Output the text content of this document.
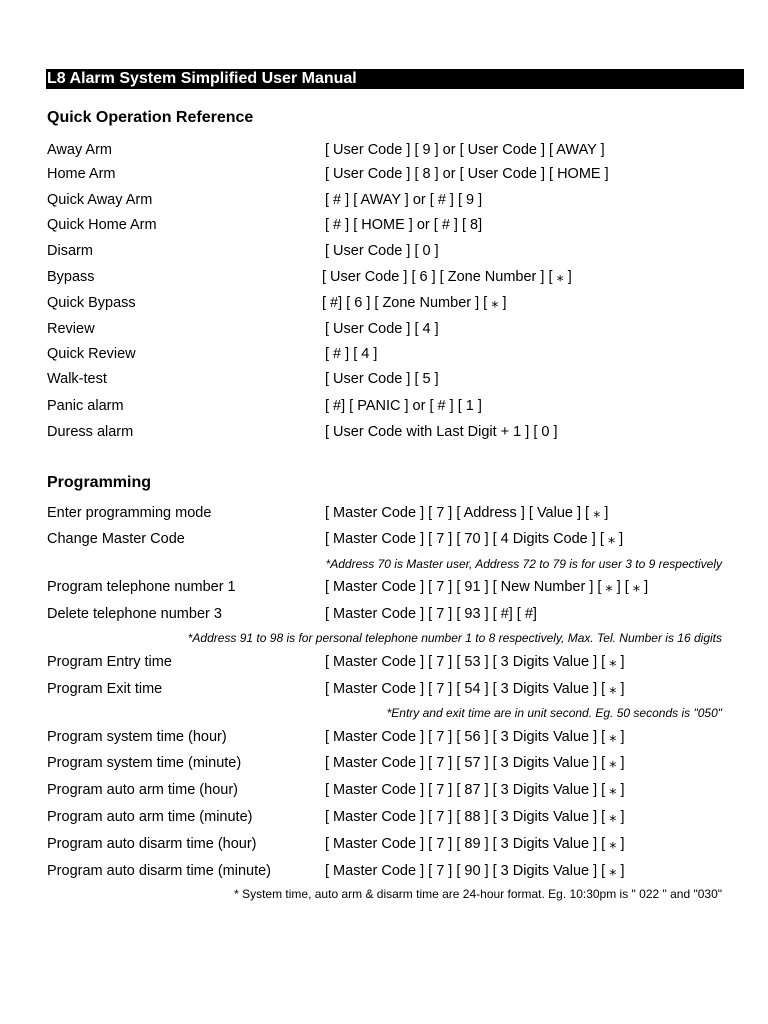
L8 Alarm System Simplified User Manual
Quick Operation Reference
Away Arm	[ User Code ] [ 9 ] or [ User Code ] [ AWAY ]
Home Arm	[ User Code ] [ 8 ] or [ User Code ] [ HOME ]
Quick Away Arm	[ # ] [ AWAY ] or [ # ] [ 9 ]
Quick Home Arm	[ # ] [ HOME ] or [ # ] [ 8]
Disarm	[ User Code ] [ 0 ]
Bypass	[ User Code ] [ 6 ] [ Zone Number ] [ ⁎ ]
Quick Bypass	[ #] [ 6 ] [ Zone Number ] [ ⁎ ]
Review	[ User Code ] [ 4 ]
Quick Review	[ # ] [ 4 ]
Walk-test	[ User Code ] [ 5 ]
Panic alarm	[ #] [ PANIC ] or [ # ] [ 1 ]
Duress alarm	[ User Code with Last Digit + 1 ] [ 0 ]
Programming
Enter programming mode	[ Master Code ] [ 7 ] [ Address ] [ Value ] [ ⁎ ]
Change Master Code	[ Master Code ] [ 7 ] [ 70 ] [ 4 Digits Code ] [ ⁎ ]
*Address 70 is Master user, Address 72 to 79 is for user 3 to 9 respectively
Program telephone number 1	[ Master Code ] [ 7 ] [ 91 ] [ New Number ] [ ⁎ ] [ ⁎ ]
Delete telephone number 3	[ Master Code ] [ 7 ] [ 93 ] [ #] [ #]
*Address 91 to 98 is for personal telephone number 1 to 8 respectively, Max. Tel. Number is 16 digits
Program Entry time	[ Master Code ] [ 7 ] [ 53 ] [ 3 Digits Value ] [ ⁎ ]
Program Exit time	[ Master Code ] [ 7 ] [ 54 ] [ 3 Digits Value ] [ ⁎ ]
*Entry and exit time are in unit second. Eg. 50 seconds is "050"
Program system time (hour)	[ Master Code ] [ 7 ] [ 56 ] [ 3 Digits Value ] [ ⁎ ]
Program system time (minute)	[ Master Code ] [ 7 ] [ 57 ] [ 3 Digits Value ] [ ⁎ ]
Program auto arm time (hour)	[ Master Code ] [ 7 ] [ 87 ] [ 3 Digits Value ] [ ⁎ ]
Program auto arm time (minute)	[ Master Code ] [ 7 ] [ 88 ] [ 3 Digits Value ] [ ⁎ ]
Program auto disarm time (hour)	[ Master Code ] [ 7 ] [ 89 ] [ 3 Digits Value ] [ ⁎ ]
Program auto disarm time (minute)	[ Master Code ] [ 7 ] [ 90 ] [ 3 Digits Value ] [ ⁎ ]
* System time, auto arm & disarm time are 24-hour format. Eg. 10:30pm is " 022 " and "030"
